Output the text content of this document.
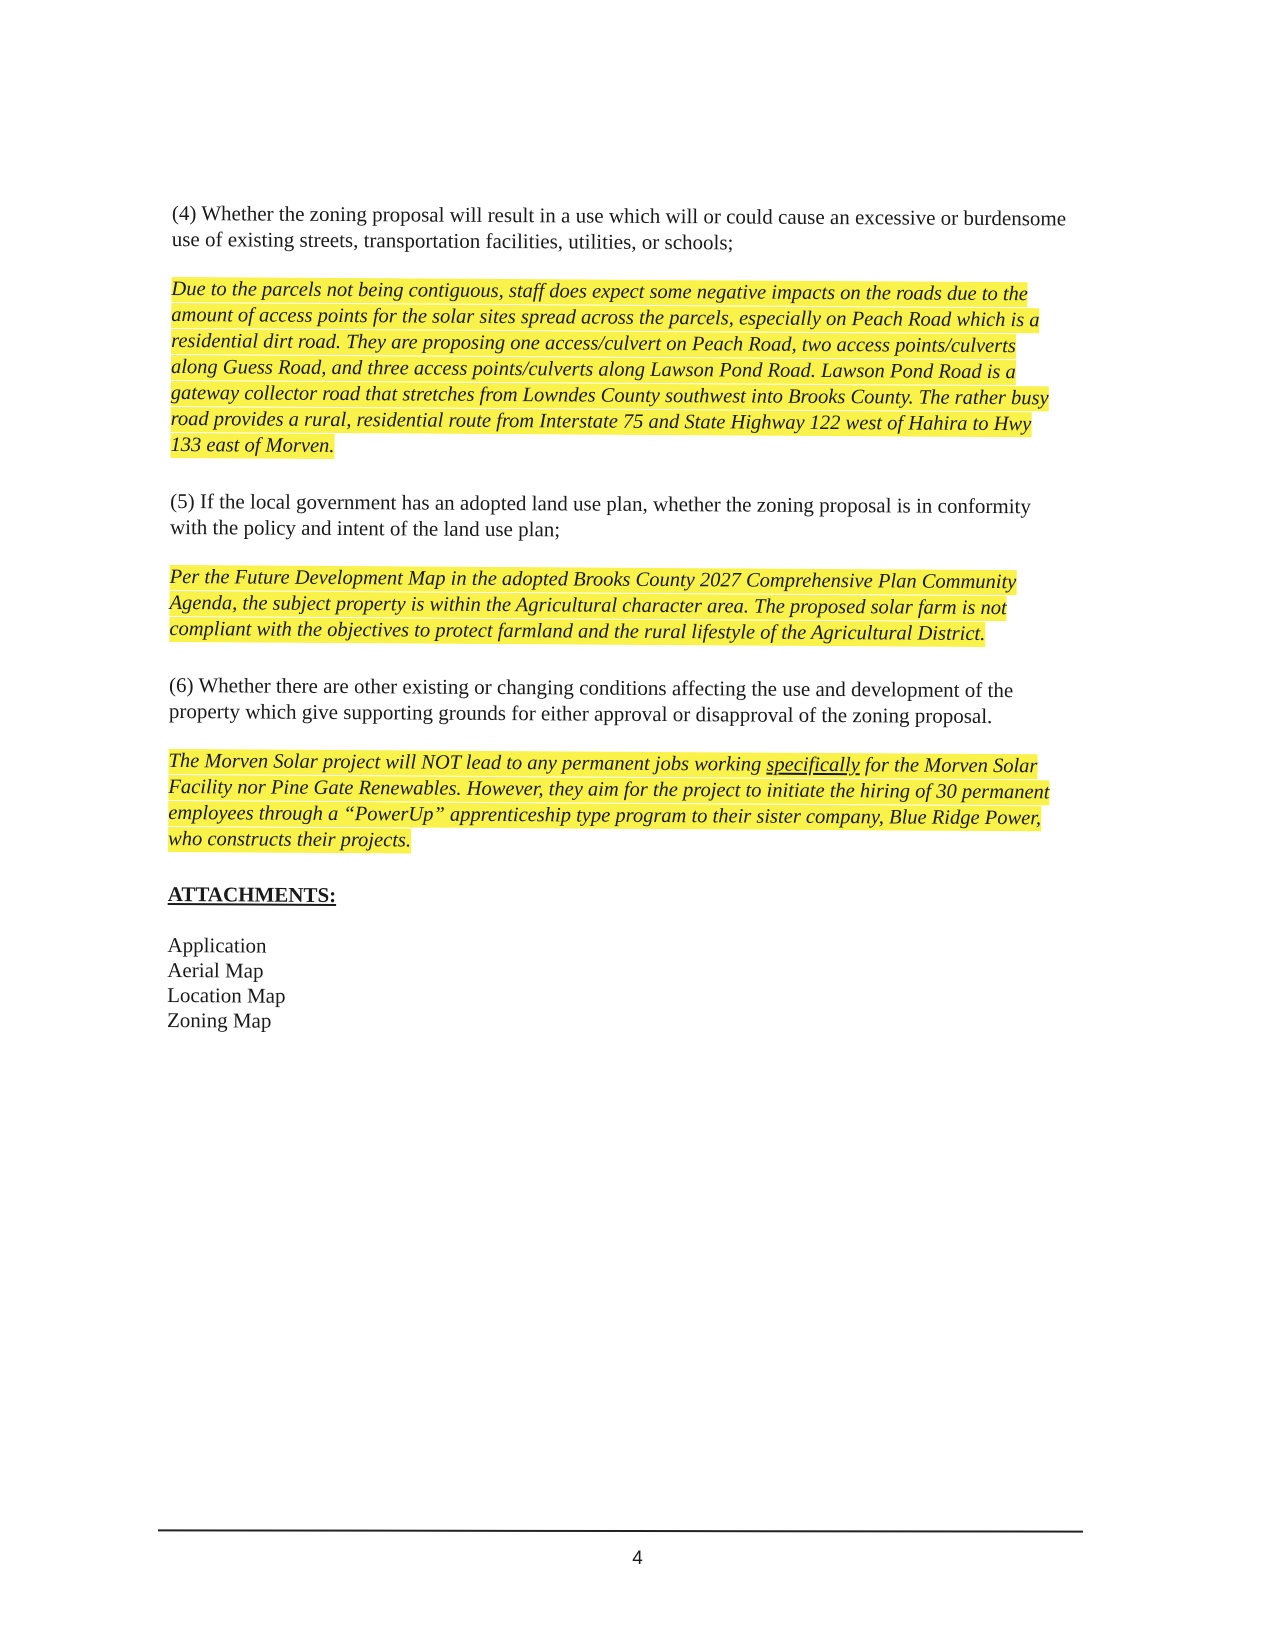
(4) Whether the zoning proposal will result in a use which will or could cause an excessive or burdensome use of existing streets, transportation facilities, utilities, or schools;

Due to the parcels not being contiguous, staff does expect some negative impacts on the roads due to the amount of access points for the solar sites spread across the parcels, especially on Peach Road which is a residential dirt road. They are proposing one access/culvert on Peach Road, two access points/culverts along Guess Road, and three access points/culverts along Lawson Pond Road. Lawson Pond Road is a gateway collector road that stretches from Lowndes County southwest into Brooks County. The rather busy road provides a rural, residential route from Interstate 75 and State Highway 122 west of Hahira to Hwy 133 east of Morven.

(5) If the local government has an adopted land use plan, whether the zoning proposal is in conformity with the policy and intent of the land use plan;

Per the Future Development Map in the adopted Brooks County 2027 Comprehensive Plan Community Agenda, the subject property is within the Agricultural character area. The proposed solar farm is not compliant with the objectives to protect farmland and the rural lifestyle of the Agricultural District.

(6) Whether there are other existing or changing conditions affecting the use and development of the property which give supporting grounds for either approval or disapproval of the zoning proposal.

The Morven Solar project will NOT lead to any permanent jobs working specifically for the Morven Solar Facility nor Pine Gate Renewables. However, they aim for the project to initiate the hiring of 30 permanent employees through a “PowerUp” apprenticeship type program to their sister company, Blue Ridge Power, who constructs their projects.

ATTACHMENTS:
Application
Aerial Map
Location Map
Zoning Map
4
